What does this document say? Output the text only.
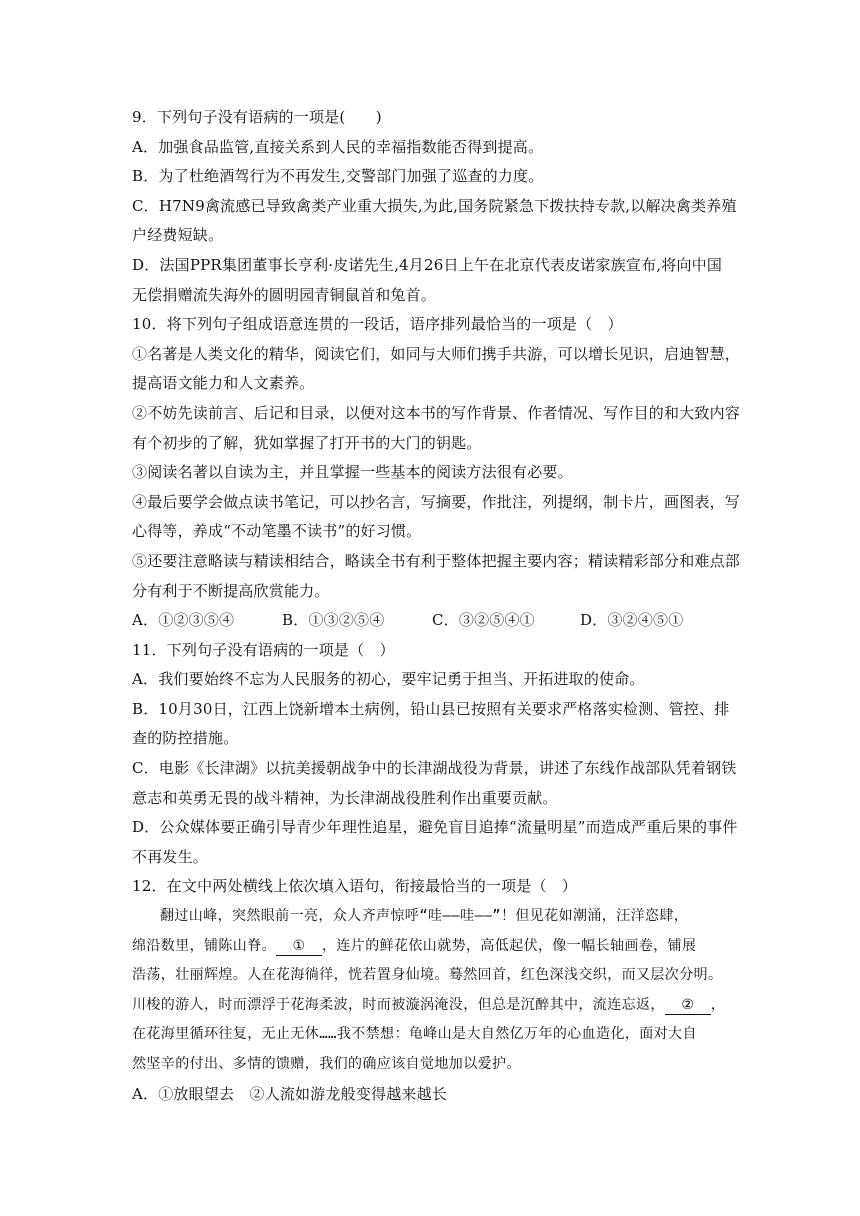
9．下列句子没有语病的一项是(　　)
A．加强食品监管,直接关系到人民的幸福指数能否得到提高。
B．为了杜绝酒驾行为不再发生,交警部门加强了巡查的力度。
C．H7N9禽流感已导致禽类产业重大损失,为此,国务院紧急下拨扶持专款,以解决禽类养殖
户经费短缺。
D．法国PPR集团董事长亨利·皮诺先生,4月26日上午在北京代表皮诺家族宣布,将向中国
无偿捐赠流失海外的圆明园青铜鼠首和兔首。
10．将下列句子组成语意连贯的一段话，语序排列最恰当的一项是（　）
①名著是人类文化的精华，阅读它们，如同与大师们携手共游，可以增长见识，启迪智慧，
提高语文能力和人文素养。
②不妨先读前言、后记和目录，以便对这本书的写作背景、作者情况、写作目的和大致内容
有个初步的了解，犹如掌握了打开书的大门的钥匙。
③阅读名著以自读为主，并且掌握一些基本的阅读方法很有必要。
④最后要学会做点读书笔记，可以抄名言，写摘要，作批注，列提纲，制卡片，画图表，写
心得等，养成“不动笔墨不读书”的好习惯。
⑤还要注意略读与精读相结合，略读全书有利于整体把握主要内容；精读精彩部分和难点部
分有利于不断提高欣赏能力。
A．①②③⑤④	B．①③②⑤④	C．③②⑤④①	D．③②④⑤①
11．下列句子没有语病的一项是（　）
A．我们要始终不忘为人民服务的初心，要牢记勇于担当、开拓进取的使命。
B．10月30日，江西上饶新增本土病例，铅山县已按照有关要求严格落实检测、管控、排
查的防控措施。
C．电影《长津湖》以抗美援朝战争中的长津湖战役为背景，讲述了东线作战部队凭着钢铁
意志和英勇无畏的战斗精神，为长津湖战役胜利作出重要贡献。
D．公众媒体要正确引导青少年理性追星，避免盲目追捧“流量明星”而造成严重后果的事件
不再发生。
12．在文中两处横线上依次填入语句，衔接最恰当的一项是（　）
翻过山峰，突然眼前一亮，众人齐声惊呼“哇——哇——”！但见花如潮涌，汪洋恣肆，
绵沿数里，铺陈山脊。 ① ，连片的鲜花依山就势，高低起伏，像一幅长轴画卷，铺展
浩荡，壮丽辉煌。人在花海徜徉，恍若置身仙境。蓦然回首，红色深浅交织，而又层次分明。
川梭的游人，时而漂浮于花海柔波，时而被漩涡淹没，但总是沉醉其中，流连忘返， ② ，
在花海里循环往复，无止无休……我不禁想：龟峰山是大自然亿万年的心血造化，面对大自
然坚辛的付出、多情的馈赠，我们的确应该自觉地加以爱护。
A．①放眼望去　②人流如游龙般变得越来越长
